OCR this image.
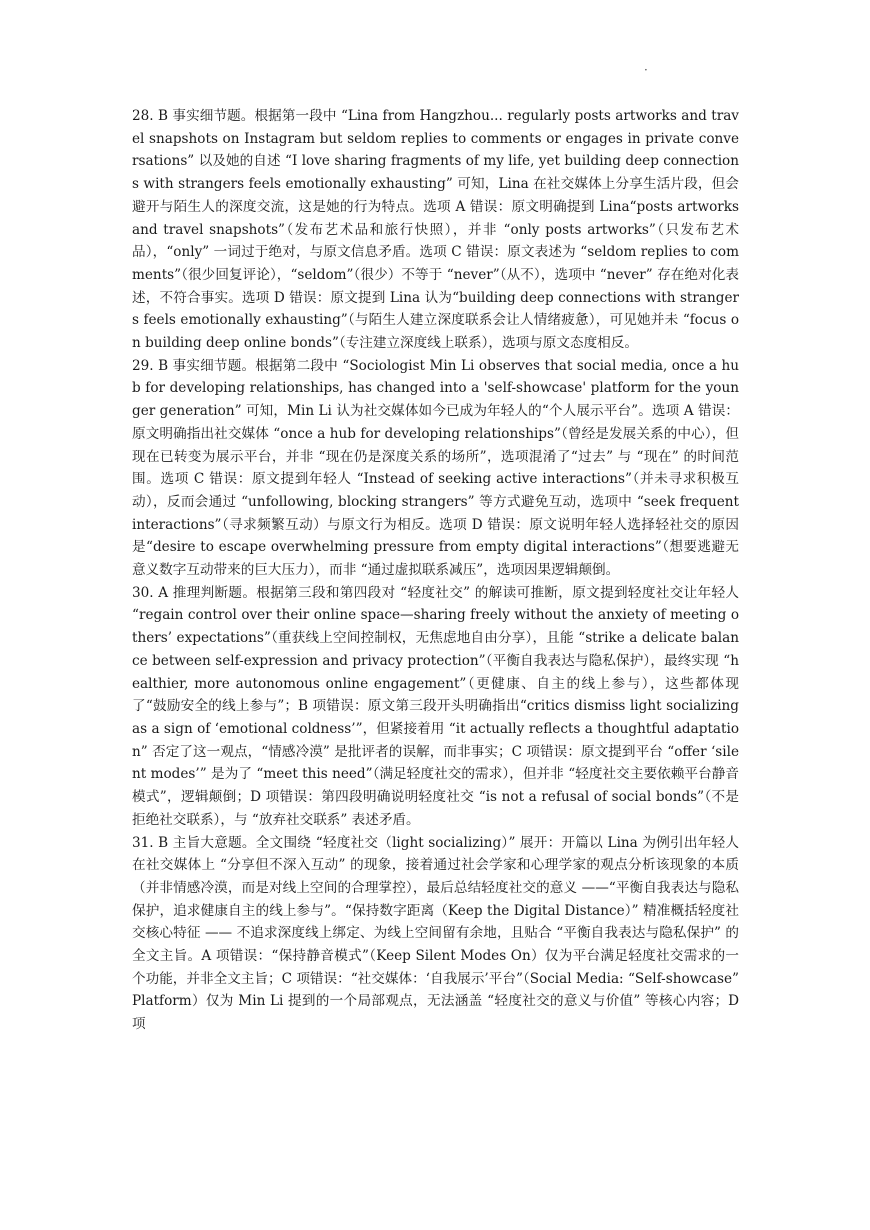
·

28. B 事实细节题。根据第一段中 “Lina from Hangzhou... regularly posts artworks and travel snapshots on Instagram but seldom replies to comments or engages in private conversations” 以及她的自述 “I love sharing fragments of my life, yet building deep connections with strangers feels emotionally exhausting” 可知，Lina 在社交媒体上分享生活片段，但会避开与陌生人的深度交流，这是她的行为特点。选项 A 错误：原文明确提到 Lina“posts artworks and travel snapshots”（发布艺术品和旅行快照），并非 “only posts artworks”（只发布艺术品），“only” 一词过于绝对，与原文信息矛盾。选项 C 错误：原文表述为 “seldom replies to comments”（很少回复评论），“seldom”（很少）不等于 “never”（从不），选项中 “never” 存在绝对化表述，不符合事实。选项 D 错误：原文提到 Lina 认为“building deep connections with strangers feels emotionally exhausting”（与陌生人建立深度联系会让人情绪疲惫），可见她并未 “focus on building deep online bonds”（专注建立深度线上联系），选项与原文态度相反。

29. B 事实细节题。根据第二段中 “Sociologist Min Li observes that social media, once a hub for developing relationships, has changed into a 'self-showcase' platform for the younger generation” 可知，Min Li 认为社交媒体如今已成为年轻人的“个人展示平台”。选项 A 错误：原文明确指出社交媒体 “once a hub for developing relationships”（曾经是发展关系的中心），但现在已转变为展示平台，并非 “现在仍是深度关系的场所”，选项混淆了“过去” 与 “现在” 的时间范围。选项 C 错误：原文提到年轻人 “Instead of seeking active interactions”（并未寻求积极互动），反而会通过 “unfollowing, blocking strangers” 等方式避免互动，选项中 “seek frequent interactions”（寻求频繁互动）与原文行为相反。选项 D 错误：原文说明年轻人选择轻社交的原因是“desire to escape overwhelming pressure from empty digital interactions”（想要逃避无意义数字互动带来的巨大压力），而非 “通过虚拟联系减压”，选项因果逻辑颠倒。

30. A 推理判断题。根据第三段和第四段对 “轻度社交” 的解读可推断，原文提到轻度社交让年轻人 “regain control over their online space—sharing freely without the anxiety of meeting others’ expectations”（重获线上空间控制权，无焦虑地自由分享），且能 “strike a delicate balance between self-expression and privacy protection”（平衡自我表达与隐私保护），最终实现 “healthier, more autonomous online engagement”（更健康、自主的线上参与），这些都体现了“鼓励安全的线上参与”；B 项错误：原文第三段开头明确指出“critics dismiss light socializing as a sign of ‘emotional coldness’”，但紧接着用 “it actually reflects a thoughtful adaptation” 否定了这一观点，“情感冷漠” 是批评者的误解，而非事实；C 项错误：原文提到平台 “offer ‘silent modes’” 是为了 “meet this need”（满足轻度社交的需求），但并非 “轻度社交主要依赖平台静音模式”，逻辑颠倒；D 项错误：第四段明确说明轻度社交 “is not a refusal of social bonds”（不是拒绝社交联系），与 “放弃社交联系” 表述矛盾。

31. B 主旨大意题。全文围绕 “轻度社交（light socializing）” 展开：开篇以 Lina 为例引出年轻人在社交媒体上 “分享但不深入互动” 的现象，接着通过社会学家和心理学家的观点分析该现象的本质（并非情感冷漠，而是对线上空间的合理掌控），最后总结轻度社交的意义 ——“平衡自我表达与隐私保护，追求健康自主的线上参与”。“保持数字距离（Keep the Digital Distance）” 精准概括轻度社交核心特征 —— 不追求深度线上绑定、为线上空间留有余地，且贴合 “平衡自我表达与隐私保护” 的全文主旨。A 项错误：“保持静音模式”（Keep Silent Modes On）仅为平台满足轻度社交需求的一个功能，并非全文主旨；C 项错误：“社交媒体：‘自我展示’平台”（Social Media: “Self-showcase” Platform）仅为 Min Li 提到的一个局部观点，无法涵盖 “轻度社交的意义与价值” 等核心内容；D 项
